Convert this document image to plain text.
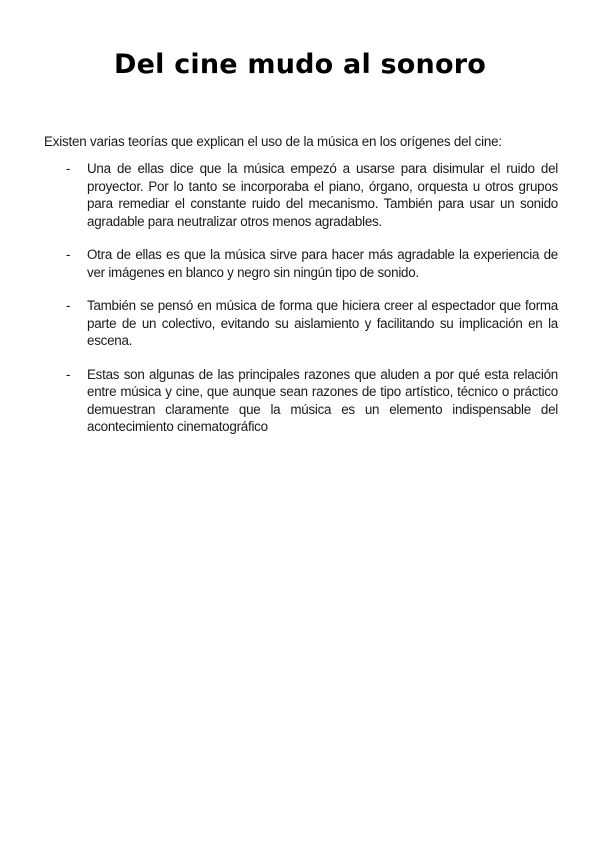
Del cine mudo al sonoro

Existen varias teorías que explican el uso de la música en los orígenes del cine:

- Una de ellas dice que la música empezó a usarse para disimular el ruido del proyector. Por lo tanto se incorporaba el piano, órgano, orquesta u otros grupos para remediar el constante ruido del mecanismo. También para usar un sonido agradable para neutralizar otros menos agradables.
- Otra de ellas es que la música sirve para hacer más agradable la experiencia de ver imágenes en blanco y negro sin ningún tipo de sonido.
- También se pensó en música de forma que hiciera creer al espectador que forma parte de un colectivo, evitando su aislamiento y facilitando su implicación en la escena.
- Estas son algunas de las principales razones que aluden a por qué esta relación entre música y cine, que aunque sean razones de tipo artístico, técnico o práctico demuestran claramente que la música es un elemento indispensable del acontecimiento cinematográfico
